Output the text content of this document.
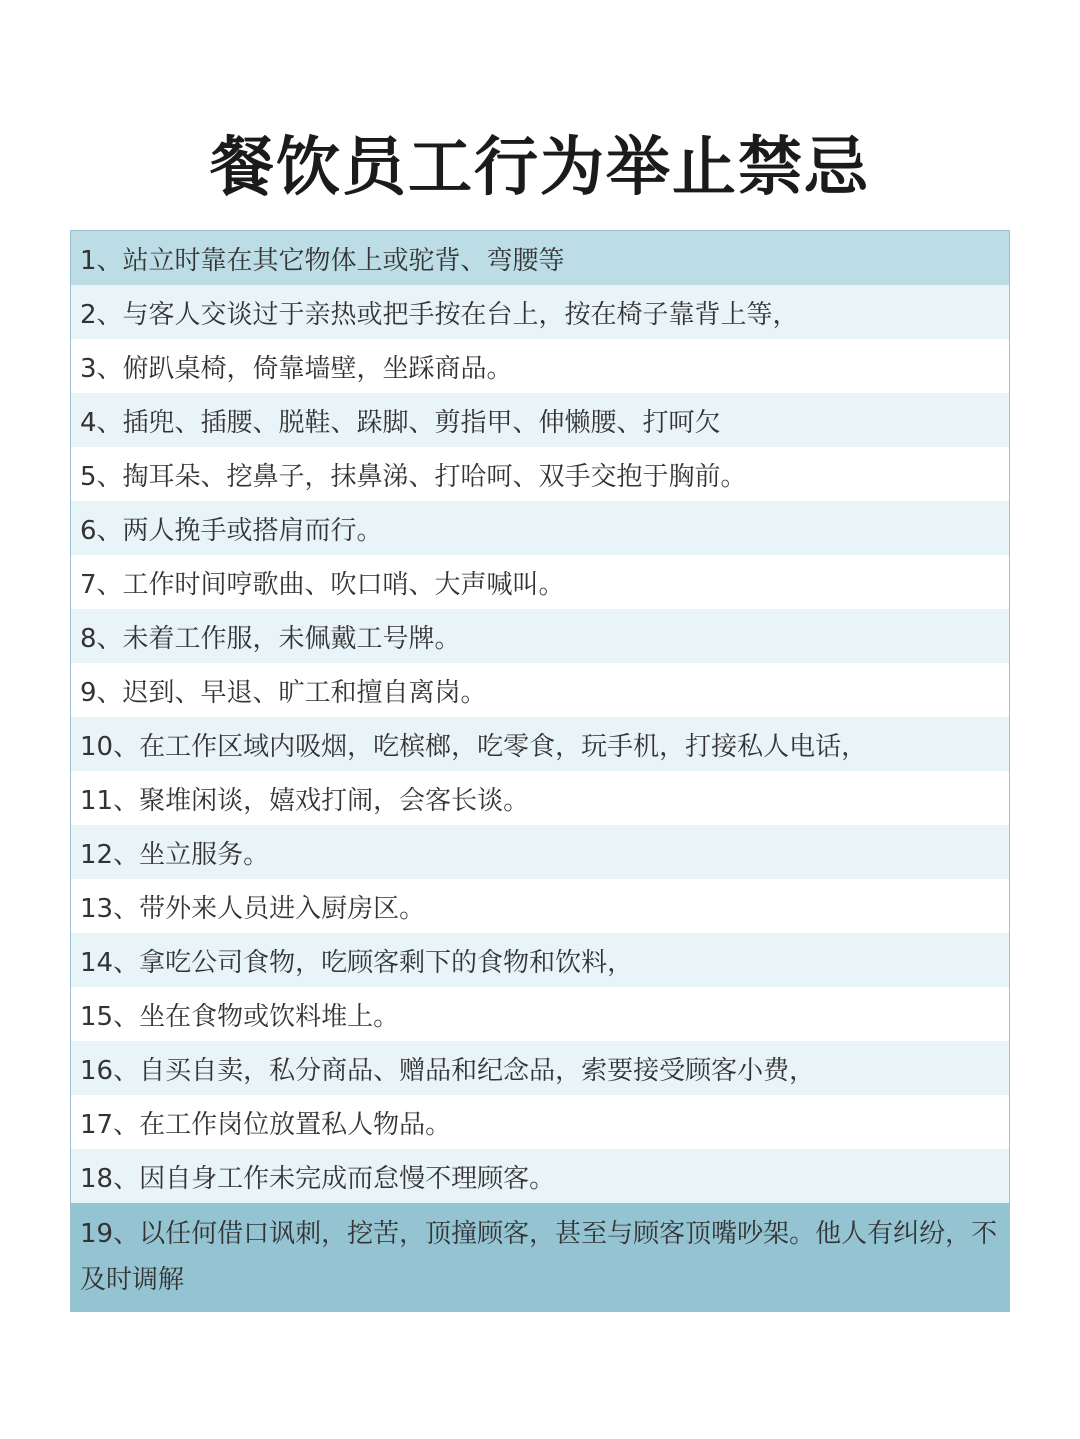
餐饮员工行为举止禁忌
1、站立时靠在其它物体上或驼背、弯腰等
2、与客人交谈过于亲热或把手按在台上，按在椅子靠背上等，
3、俯趴桌椅，倚靠墙壁，坐踩商品。
4、插兜、插腰、脱鞋、跺脚、剪指甲、伸懒腰、打呵欠
5、掏耳朵、挖鼻子，抹鼻涕、打哈呵、双手交抱于胸前。
6、两人挽手或搭肩而行。
7、工作时间哼歌曲、吹口哨、大声喊叫。
8、未着工作服，未佩戴工号牌。
9、迟到、早退、旷工和擅自离岗。
10、在工作区域内吸烟，吃槟榔，吃零食，玩手机，打接私人电话，
11、聚堆闲谈，嬉戏打闹，会客长谈。
12、坐立服务。
13、带外来人员进入厨房区。
14、拿吃公司食物，吃顾客剩下的食物和饮料，
15、坐在食物或饮料堆上。
16、自买自卖，私分商品、赠品和纪念品，索要接受顾客小费，
17、在工作岗位放置私人物品。
18、因自身工作未完成而怠慢不理顾客。
19、以任何借口讽刺，挖苦，顶撞顾客，甚至与顾客顶嘴吵架。他人有纠纷，不及时调解
